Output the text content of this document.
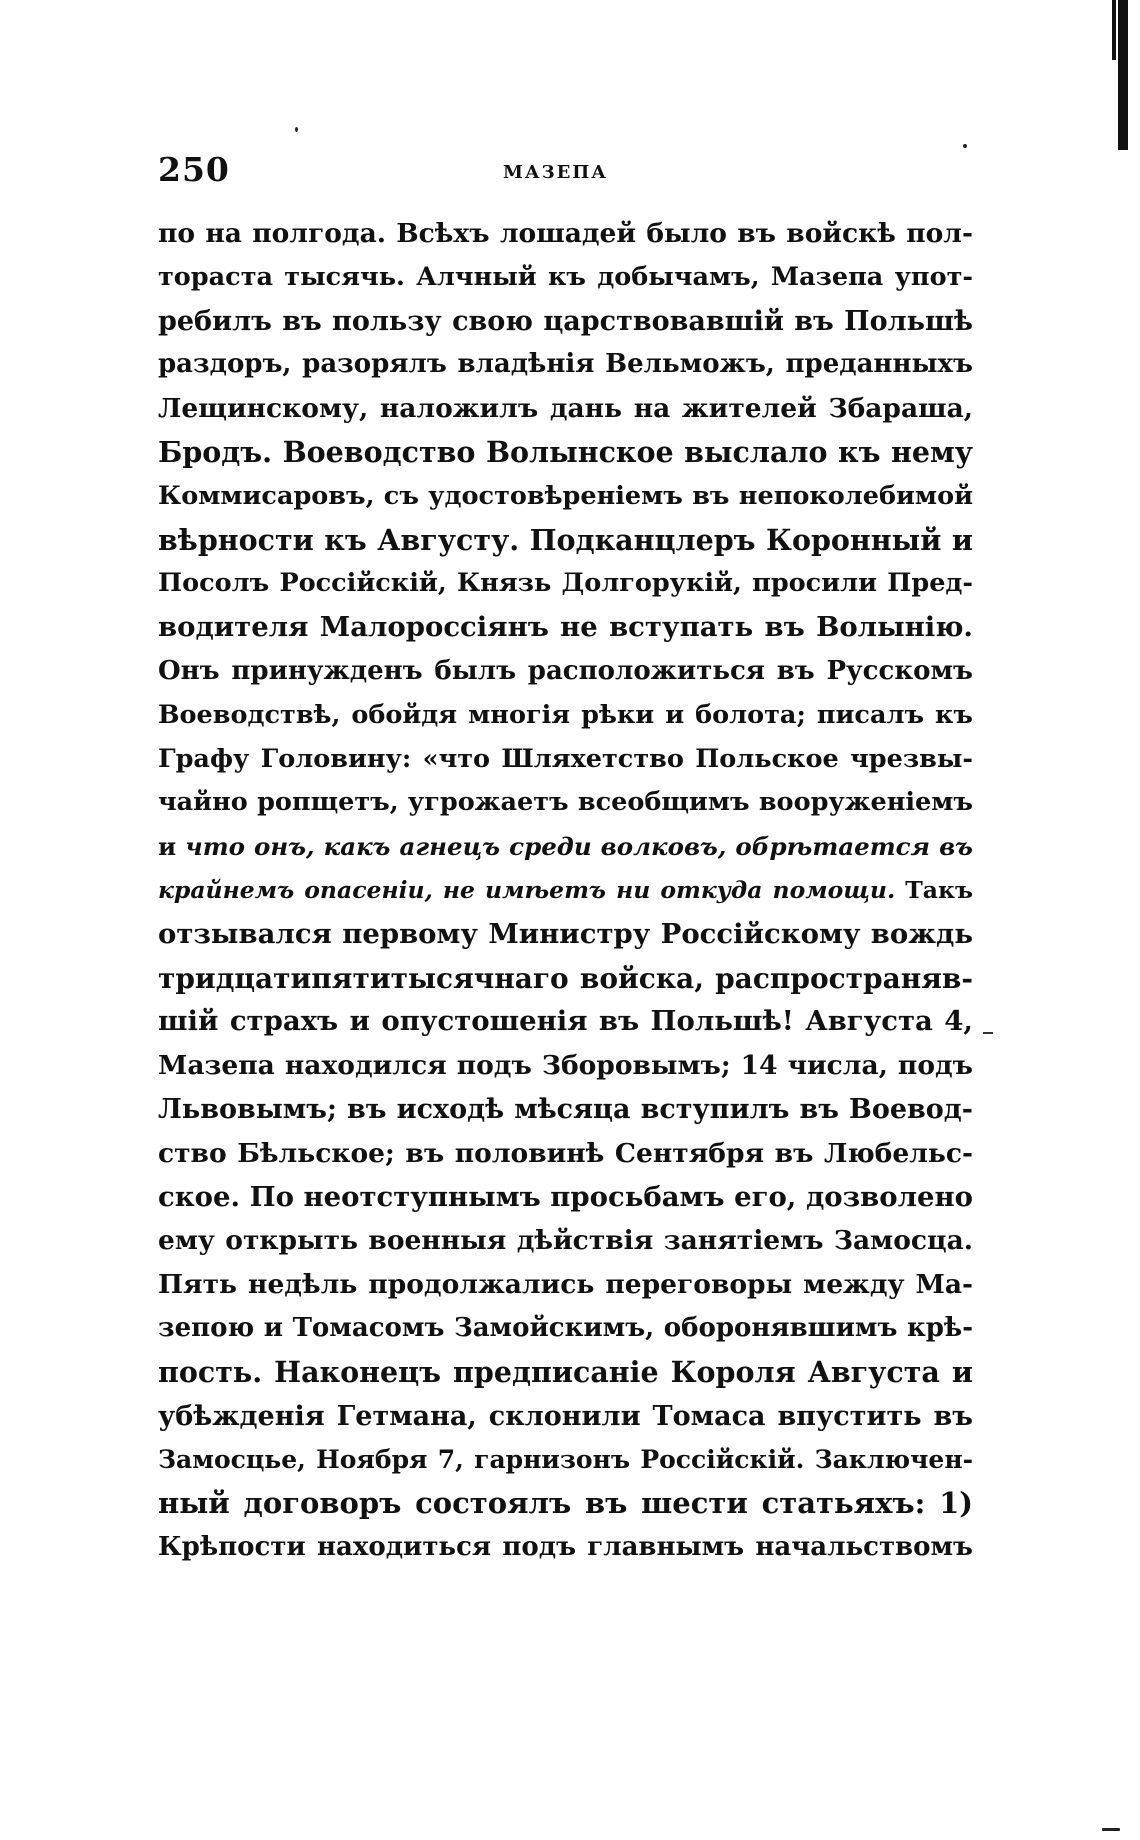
250	МАЗЕПА
по на полгода. Всѣхъ лошадей было въ войскѣ пол-
тораста тысячь. Алчный къ добычамъ, Мазепа упот-
ребилъ въ пользу свою царствовавшiй въ Польшѣ
раздоръ, разорялъ владѣнiя Вельможъ, преданныхъ
Лещинскому, наложилъ дань на жителей Збараша,
Бродъ. Воеводство Волынское выслало къ нему
Коммисаровъ, съ удостовѣренiемъ въ непоколебимой
вѣрности къ Августу. Подканцлеръ Коронный и
Посолъ Россiйскiй, Князь Долгорукiй, просили Пред-
водителя Малороссiянъ не вступать въ Волынiю.
Онъ принужденъ былъ расположиться въ Русскомъ
Воеводствѣ, обойдя многiя рѣки и болота; писалъ къ
Графу Головину: «что Шляхетство Польское чрезвы-
чайно ропщетъ, угрожаетъ всеобщимъ вооруженiемъ
и что онъ, какъ агнецъ среди волковъ, обрѣтается въ
крайнемъ опасенiи, не имѣетъ ни откуда помощи. Такъ
отзывался первому Министру Россiйскому вождь
тридцатипятитысячнаго войска, распространяв-
шiй страхъ и опустошенiя въ Польшѣ! Августа 4,
Мазепа находился подъ Зборовымъ; 14 числа, подъ
Львовымъ; въ исходѣ мѣсяца вступилъ въ Воевод-
ство Бѣльское; въ половинѣ Сентября въ Любельс-
ское. По неотступнымъ просьбамъ его, дозволено
ему открыть военныя дѣйствiя занятiемъ Замосца.
Пять недѣль продолжались переговоры между Ма-
зепою и Томасомъ Замойскимъ, оборонявшимъ крѣ-
пость. Наконецъ предписанiе Короля Августа и
убѣжденiя Гетмана, склонили Томаса впустить въ
Замосцье, Ноября 7, гарнизонъ Россiйскiй. Заключен-
ный договоръ состоялъ въ шести статьяхъ: 1)
Крѣпости находиться подъ главнымъ начальствомъ
